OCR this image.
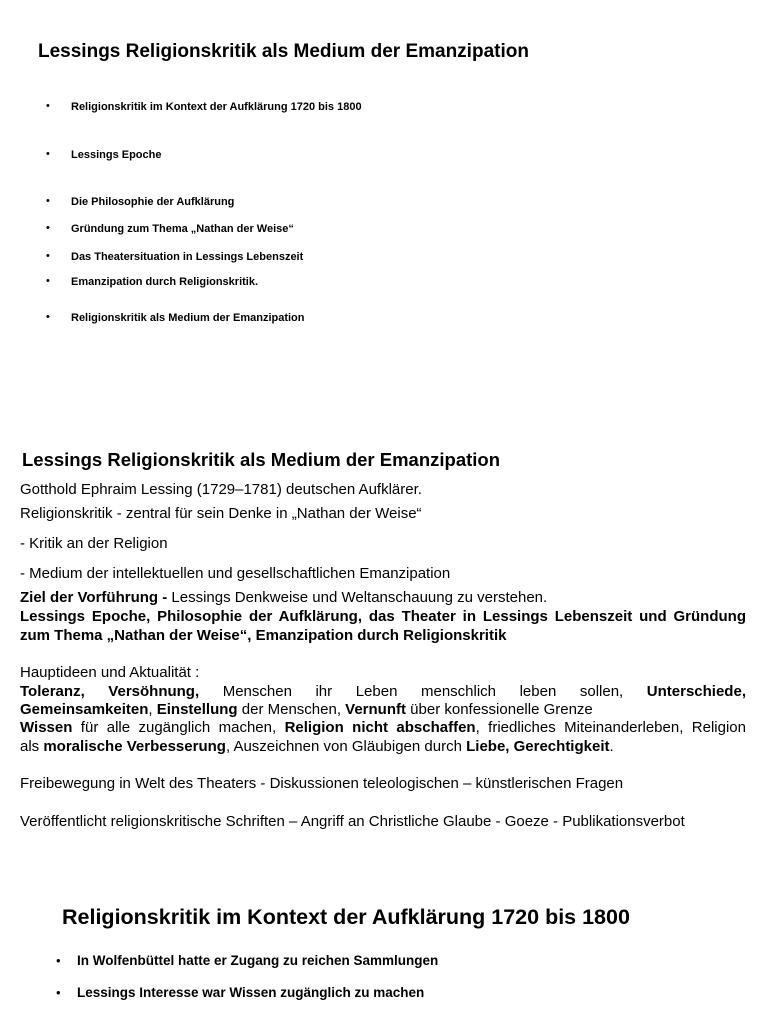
Lessings Religionskritik als Medium der Emanzipation
• Religionskritik im Kontext der Aufklärung 1720 bis 1800
• Lessings Epoche
• Die Philosophie der Aufklärung
• Gründung zum Thema „Nathan der Weise“
• Das Theatersituation in Lessings Lebenszeit
• Emanzipation durch Religionskritik.
• Religionskritik als Medium der Emanzipation
Lessings Religionskritik als Medium der Emanzipation
Gotthold Ephraim Lessing (1729–1781) deutschen Aufklärer.
Religionskritik - zentral für sein Denke in „Nathan der Weise“
- Kritik an der Religion
- Medium der intellektuellen und gesellschaftlichen Emanzipation
Ziel der Vorführung - Lessings Denkweise und Weltanschauung zu verstehen.
Lessings Epoche, Philosophie der Aufklärung, das Theater in Lessings Lebenszeit und Gründung
zum Thema „Nathan der Weise“, Emanzipation durch Religionskritik
Hauptideen und Aktualität :
Toleranz, Versöhnung, Menschen ihr Leben menschlich leben sollen, Unterschiede,
Gemeinsamkeiten, Einstellung der Menschen, Vernunft über konfessionelle Grenze
Wissen für alle zugänglich machen, Religion nicht abschaffen, friedliches Miteinanderleben, Religion
als moralische Verbesserung, Auszeichnen von Gläubigen durch Liebe, Gerechtigkeit.
Freibewegung in Welt des Theaters - Diskussionen teleologischen – künstlerischen Fragen
Veröffentlicht religionskritische Schriften – Angriff an Christliche Glaube - Goeze - Publikationsverbot
Religionskritik im Kontext der Aufklärung 1720 bis 1800
• In Wolfenbüttel hatte er Zugang zu reichen Sammlungen
• Lessings Interesse war Wissen zugänglich zu machen
